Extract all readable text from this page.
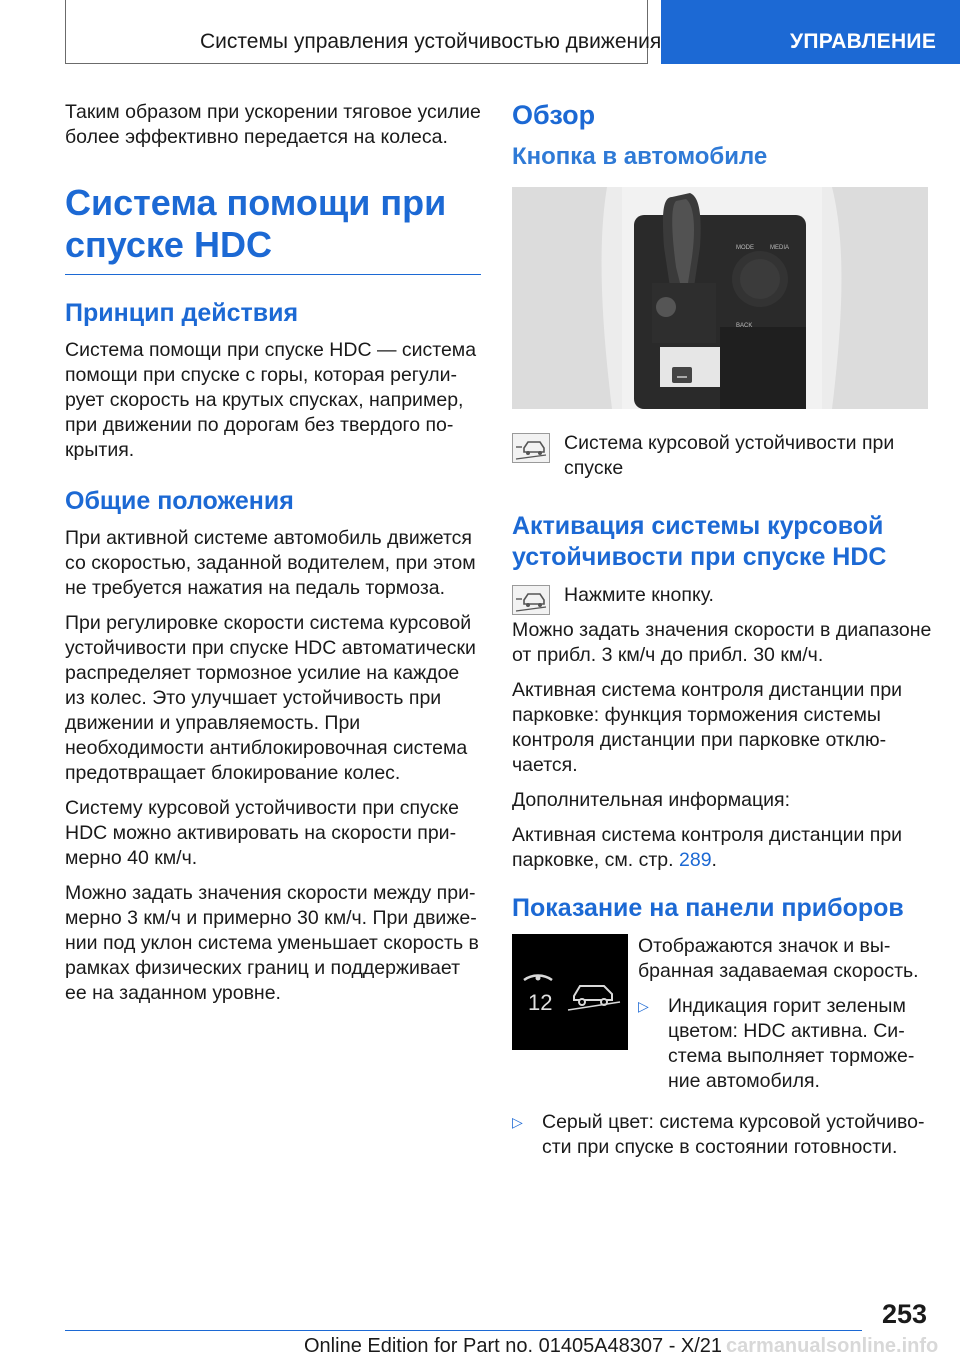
Системы управления устойчивостью движения	УПРАВЛЕНИЕ

Таким образом при ускорении тяговое усилие более эффективно передается на колеса.

Система помощи при спуске HDC
Принцип действия

Система помощи при спуске HDC — система помощи при спуске с горы, которая регулирует скорость на крутых спусках, например, при движении по дорогам без твердого покрытия.

Общие положения

При активной системе автомобиль движется со скоростью, заданной водителем, при этом не требуется нажатия на педаль тормоза.

При регулировке скорости система курсовой устойчивости при спуске HDC автоматически распределяет тормозное усилие на каждое из колес. Это улучшает устойчивость при движении и управляемость. При необходимости антиблокировочная система предотвращает блокирование колес.

Систему курсовой устойчивости при спуске HDC можно активировать на скорости примерно 40 км/ч.

Можно задать значения скорости между примерно 3 км/ч и примерно 30 км/ч. При движении под уклон система уменьшает скорость в рамках физических границ и поддерживает ее на заданном уровне.

Обзор
Кнопка в автомобиле
MODE	MEDIA
BACK

Система курсовой устойчивости при спуске

Активация системы курсовой устойчивости при спуске HDC

Нажмите кнопку.

Можно задать значения скорости в диапазоне от прибл. 3 км/ч до прибл. 30 км/ч.

Активная система контроля дистанции при парковке: функция торможения системы контроля дистанции при парковке отключается.

Дополнительная информация:

Активная система контроля дистанции при парковке, см. стр. 289.

Показание на панели приборов
12

Отображаются значок и выбранная задаваемая скорость.

▷ Индикация горит зеленым цветом: HDC активна. Система выполняет торможение автомобиля.

▷ Серый цвет: система курсовой устойчивости при спуске в состоянии готовности.

253
Online Edition for Part no. 01405A48307 - X/21 carmanualsonline.info
